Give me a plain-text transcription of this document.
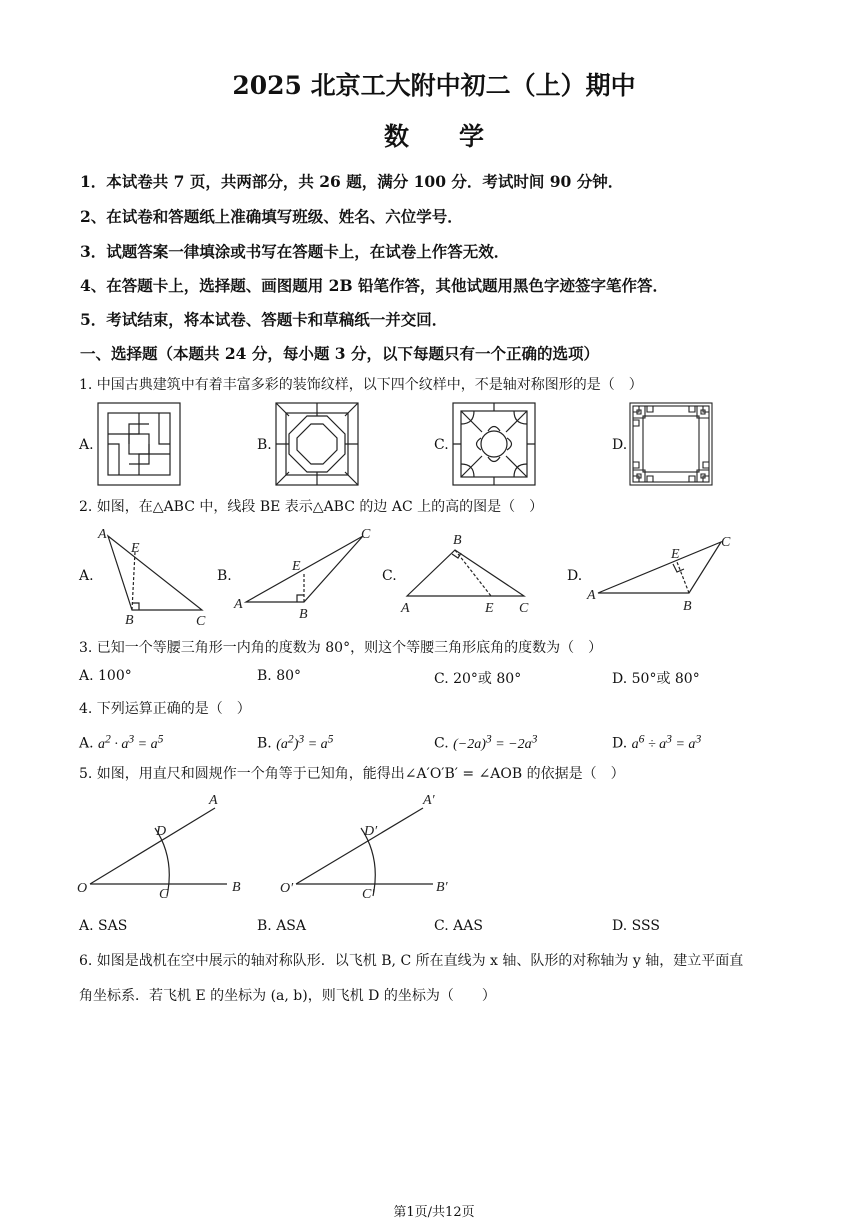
2025 北京工大附中初二（上）期中
数学
1．本试卷共 7 页，共两部分，共 26 题，满分 100 分．考试时间 90 分钟．
2、在试卷和答题纸上准确填写班级、姓名、六位学号．
3．试题答案一律填涂或书写在答题卡上，在试卷上作答无效．
4、在答题卡上，选择题、画图题用 2B 铅笔作答，其他试题用黑色字迹签字笔作答．
5．考试结束，将本试卷、答题卡和草稿纸一并交回．
一、选择题（本题共 24 分，每小题 3 分，以下每题只有一个正确的选项）
1. 中国古典建筑中有着丰富多彩的装饰纹样，以下四个纹样中，不是轴对称图形的是（　）
A.	B.	C.	D.
2. 如图，在△ABC 中，线段 BE 表示△ABC 的边 AC 上的高的图是（　）
A.	B.	C.	D.
A
B	C
E
A
B
C
E
A
B
C
E
A
B
C
E
3. 已知一个等腰三角形一内角的度数为 80°，则这个等腰三角形底角的度数为（　）
A. 100°	B. 80°	C. 20°或 80°	D. 50°或 80°
4. 下列运算正确的是（　）
A. $a^2 \cdot a^3 = a^5$	B. $(a^2)^3 = a^5$	C. $(-2a)^3 = -2a^3$	D. $a^6 \div a^3 = a^3$
5. 如图，用直尺和圆规作一个角等于已知角，能得出∠A′O′B′ = ∠AOB 的依据是（　）
A
D
O	C	B
A′
D′
O′	C′	B′
A. SAS	B. ASA	C. AAS	D. SSS
6. 如图是战机在空中展示的轴对称队形．以飞机 B, C 所在直线为 x 轴、队形的对称轴为 y 轴，建立平面直
角坐标系．若飞机 E 的坐标为 (a, b)，则飞机 D 的坐标为（　　）
第1页/共12页
